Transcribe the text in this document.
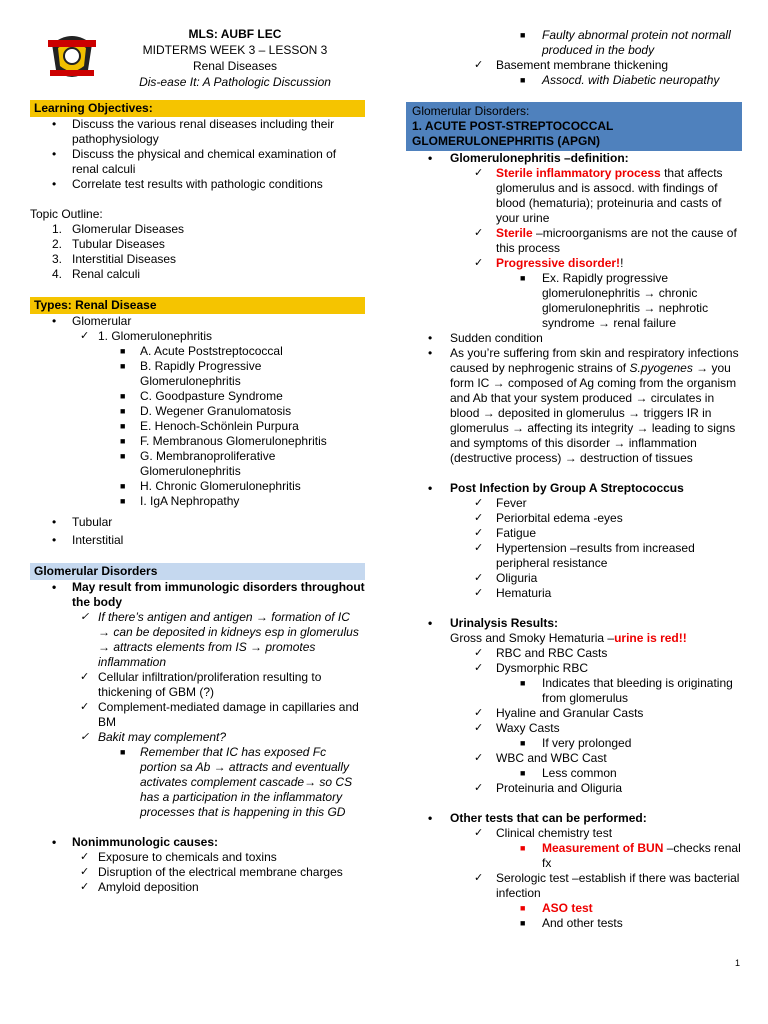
MLS: AUBF LEC
MIDTERMS WEEK 3 – LESSON 3
Renal Diseases
Dis-ease It: A Pathologic Discussion
Learning Objectives:
• Discuss the various renal diseases including their pathophysiology
• Discuss the physical and chemical examination of renal calculi
• Correlate test results with pathologic conditions
Topic Outline:
1. Glomerular Diseases
2. Tubular Diseases
3. Interstitial Diseases
4. Renal calculi
Types: Renal Disease
• Glomerular
✓ 1. Glomerulonephritis
■ A. Acute Poststreptococcal
■ B. Rapidly Progressive Glomerulonephritis
■ C. Goodpasture Syndrome
■ D. Wegener Granulomatosis
■ E. Henoch-Schönlein Purpura
■ F. Membranous Glomerulonephritis
■ G. Membranoproliferative Glomerulonephritis
■ H. Chronic Glomerulonephritis
■ I. IgA Nephropathy
• Tubular
• Interstitial
Glomerular Disorders
• May result from immunologic disorders throughout the body
✓ If there’s antigen and antigen → formation of IC → can be deposited in kidneys esp in glomerulus → attracts elements from IS → promotes inflammation
✓ Cellular infiltration/proliferation resulting to thickening of GBM (?)
✓ Complement-mediated damage in capillaries and BM
✓ Bakit may complement?
■ Remember that IC has exposed Fc portion sa Ab → attracts and eventually activates complement cascade→ so CS has a participation in the inflammatory processes that is happening in this GD
• Nonimmunologic causes:
✓ Exposure to chemicals and toxins
✓ Disruption of the electrical membrane charges
✓ Amyloid deposition
■ Faulty abnormal protein not normall produced in the body
✓ Basement membrane thickening
■ Assocd. with Diabetic neuropathy
Glomerular Disorders:
1. ACUTE POST-STREPTOCOCCAL GLOMERULONEPHRITIS (APGN)
• Glomerulonephritis –definition:
✓ Sterile inflammatory process that affects glomerulus and is assocd. with findings of blood (hematuria); proteinuria and casts of your urine
✓ Sterile –microorganisms are not the cause of this process
✓ Progressive disorder!!
■ Ex. Rapidly progressive glomerulonephritis → chronic glomerulonephritis → nephrotic syndrome → renal failure
• Sudden condition
• As you’re suffering from skin and respiratory infections caused by nephrogenic strains of S.pyogenes → you form IC → composed of Ag coming from the organism and Ab that your system produced → circulates in blood → deposited in glomerulus → triggers IR in glomerulus → affecting its integrity → leading to signs and symptoms of this disorder → inflammation (destructive process) → destruction of tissues
• Post Infection by Group A Streptococcus
✓ Fever
✓ Periorbital edema -eyes
✓ Fatigue
✓ Hypertension –results from increased peripheral resistance
✓ Oliguria
✓ Hematuria
• Urinalysis Results:
Gross and Smoky Hematuria –urine is red!!
✓ RBC and RBC Casts
✓ Dysmorphic RBC
■ Indicates that bleeding is originating from glomerulus
✓ Hyaline and Granular Casts
✓ Waxy Casts
■ If very prolonged
✓ WBC and WBC Cast
■ Less common
✓ Proteinuria and Oliguria
• Other tests that can be performed:
✓ Clinical chemistry test
■ Measurement of BUN –checks renal fx
✓ Serologic test –establish if there was bacterial infection
■ ASO test
■ And other tests
1
